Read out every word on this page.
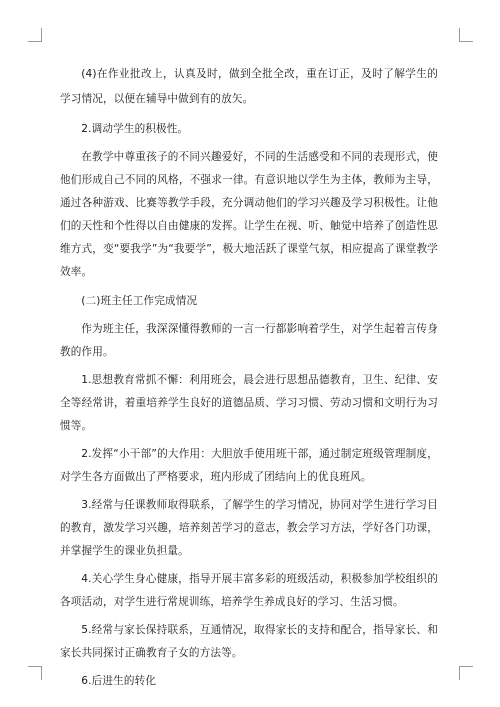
(4)在作业批改上，认真及时，做到全批全改，重在订正，及时了解学生的学习情况，以便在辅导中做到有的放矢。

2.调动学生的积极性。

在教学中尊重孩子的不同兴趣爱好，不同的生活感受和不同的表现形式，使他们形成自己不同的风格，不强求一律。有意识地以学生为主体，教师为主导，通过各种游戏、比赛等教学手段，充分调动他们的学习兴趣及学习积极性。让他们的天性和个性得以自由健康的发挥。让学生在视、听、触觉中培养了创造性思维方式，变“要我学”为“我要学”，极大地活跃了课堂气氛，相应提高了课堂教学效率。

(二)班主任工作完成情况

作为班主任，我深深懂得教师的一言一行都影响着学生，对学生起着言传身教的作用。

1.思想教育常抓不懈：利用班会，晨会进行思想品德教育，卫生、纪律、安全等经常讲，着重培养学生良好的道德品质、学习习惯、劳动习惯和文明行为习惯等。

2.发挥“小干部”的大作用：大胆放手使用班干部，通过制定班级管理制度，对学生各方面做出了严格要求，班内形成了团结向上的优良班风。

3.经常与任课教师取得联系，了解学生的学习情况，协同对学生进行学习目的教育，激发学习兴趣，培养刻苦学习的意志，教会学习方法，学好各门功课，并掌握学生的课业负担量。

4.关心学生身心健康，指导开展丰富多彩的班级活动，积极参加学校组织的各项活动，对学生进行常规训练，培养学生养成良好的学习、生活习惯。

5.经常与家长保持联系，互通情况，取得家长的支持和配合，指导家长、和家长共同探讨正确教育子女的方法等。

6.后进生的转化
